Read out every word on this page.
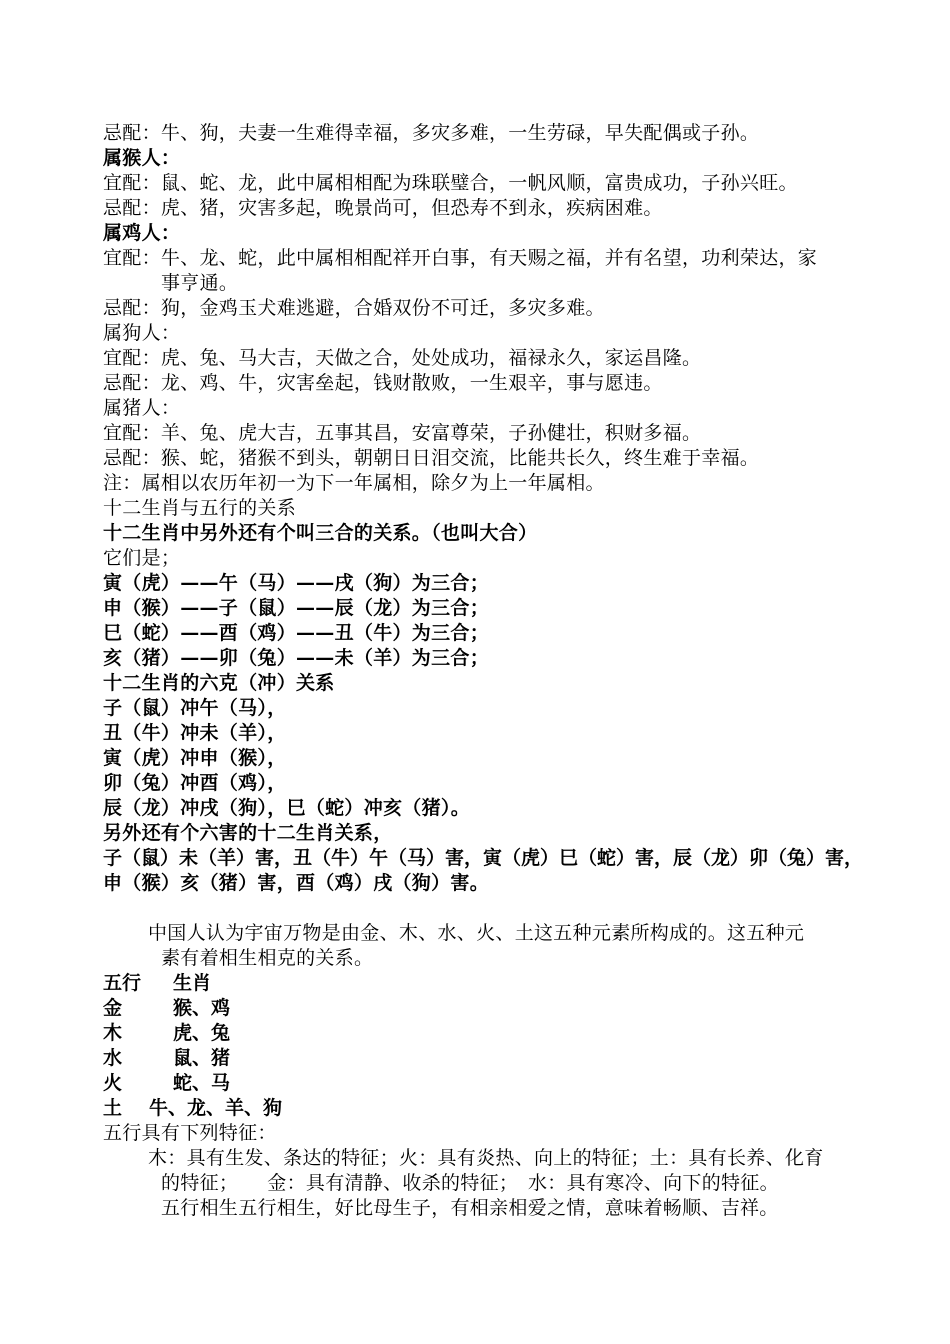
忌配：牛、狗，夫妻一生难得幸福，多灾多难，一生劳碌，早失配偶或子孙。
属猴人：
宜配：鼠、蛇、龙，此中属相相配为珠联璧合，一帆风顺，富贵成功，子孙兴旺。
忌配：虎、猪，灾害多起，晚景尚可，但恐寿不到永，疾病困难。
属鸡人：
宜配：牛、龙、蛇，此中属相相配祥开白事，有天赐之福，并有名望，功利荣达，家
事亨通。
忌配：狗，金鸡玉犬难逃避，合婚双份不可迁，多灾多难。
属狗人：
宜配：虎、兔、马大吉，天做之合，处处成功，福禄永久，家运昌隆。
忌配：龙、鸡、牛，灾害垒起，钱财散败，一生艰辛，事与愿违。
属猪人：
宜配：羊、兔、虎大吉，五事其昌，安富尊荣，子孙健壮，积财多福。
忌配：猴、蛇，猪猴不到头，朝朝日日泪交流，比能共长久，终生难于幸福。
注：属相以农历年初一为下一年属相，除夕为上一年属相。
十二生肖与五行的关系
十二生肖中另外还有个叫三合的关系。（也叫大合）
它们是；
寅（虎）——午（马）——戌（狗）为三合；
申（猴）——子（鼠）——辰（龙）为三合；
巳（蛇）——酉（鸡）——丑（牛）为三合；
亥（猪）——卯（兔）——未（羊）为三合；
十二生肖的六克（冲）关系
子（鼠）冲午（马），
丑（牛）冲未（羊），
寅（虎）冲申（猴），
卯（兔）冲酉（鸡），
辰（龙）冲戌（狗），巳（蛇）冲亥（猪）。
另外还有个六害的十二生肖关系，
子（鼠）未（羊）害，丑（牛）午（马）害，寅（虎）巳（蛇）害，辰（龙）卯（兔）害，
申（猴）亥（猪）害，酉（鸡）戌（狗）害。
中国人认为宇宙万物是由金、木、水、火、土这五种元素所构成的。这五种元
素有着相生相克的关系。
五行	生肖
金	猴、鸡
木	虎、兔
水	鼠、猪
火	蛇、马
土	牛、龙、羊、狗
五行具有下列特征：
木：具有生发、条达的特征；火：具有炎热、向上的特征；土：具有长养、化育
的特征；　　金：具有清静、收杀的特征；　水：具有寒冷、向下的特征。
五行相生五行相生，好比母生子，有相亲相爱之情，意味着畅顺、吉祥。
